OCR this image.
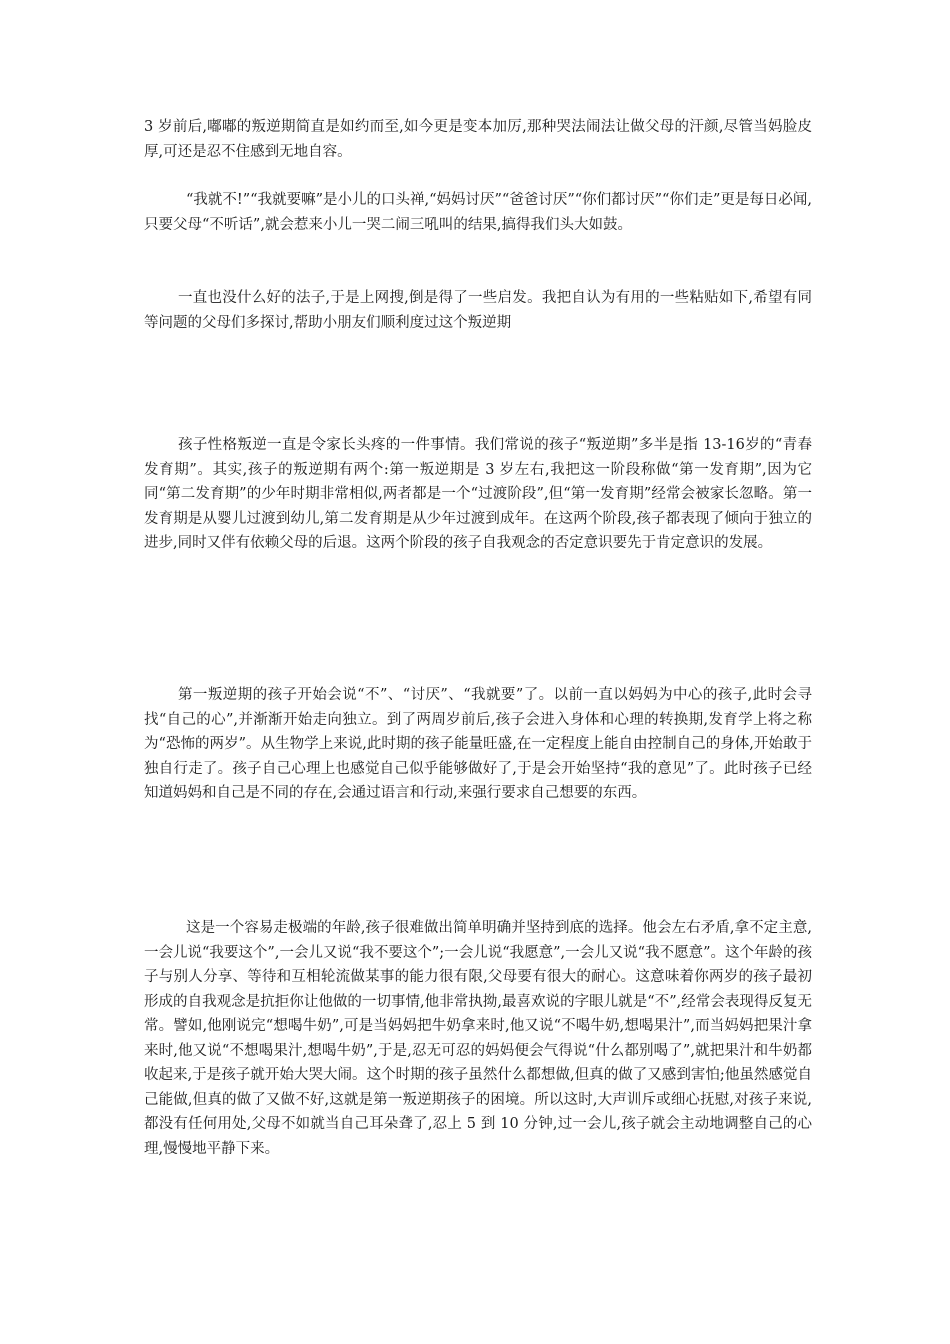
3 岁前后,嘟嘟的叛逆期简直是如约而至,如今更是变本加厉,那种哭法闹法让做父母的汗颜,尽管当妈脸皮厚,可还是忍不住感到无地自容。

“我就不!”“我就要嘛”是小儿的口头禅,“妈妈讨厌”“爸爸讨厌”“你们都讨厌”“你们走”更是每日必闻,只要父母“不听话”,就会惹来小儿一哭二闹三吼叫的结果,搞得我们头大如鼓。

一直也没什么好的法子,于是上网搜,倒是得了一些启发。我把自认为有用的一些粘贴如下,希望有同等问题的父母们多探讨,帮助小朋友们顺利度过这个叛逆期

孩子性格叛逆一直是令家长头疼的一件事情。我们常说的孩子“叛逆期”多半是指 13-16岁的“青春发育期”。其实,孩子的叛逆期有两个:第一叛逆期是 3 岁左右,我把这一阶段称做“第一发育期”,因为它同“第二发育期”的少年时期非常相似,两者都是一个“过渡阶段”,但“第一发育期”经常会被家长忽略。第一发育期是从婴儿过渡到幼儿,第二发育期是从少年过渡到成年。在这两个阶段,孩子都表现了倾向于独立的进步,同时又伴有依赖父母的后退。这两个阶段的孩子自我观念的否定意识要先于肯定意识的发展。

第一叛逆期的孩子开始会说“不”、“讨厌”、“我就要”了。以前一直以妈妈为中心的孩子,此时会寻找“自己的心”,并渐渐开始走向独立。到了两周岁前后,孩子会进入身体和心理的转换期,发育学上将之称为“恐怖的两岁”。从生物学上来说,此时期的孩子能量旺盛,在一定程度上能自由控制自己的身体,开始敢于独自行走了。孩子自己心理上也感觉自己似乎能够做好了,于是会开始坚持“我的意见”了。此时孩子已经知道妈妈和自己是不同的存在,会通过语言和行动,来强行要求自己想要的东西。

这是一个容易走极端的年龄,孩子很难做出简单明确并坚持到底的选择。他会左右矛盾,拿不定主意,一会儿说“我要这个”,一会儿又说“我不要这个”;一会儿说“我愿意”,一会儿又说“我不愿意”。这个年龄的孩子与别人分享、等待和互相轮流做某事的能力很有限,父母要有很大的耐心。这意味着你两岁的孩子最初形成的自我观念是抗拒你让他做的一切事情,他非常执拗,最喜欢说的字眼儿就是“不”,经常会表现得反复无常。譬如,他刚说完“想喝牛奶”,可是当妈妈把牛奶拿来时,他又说“不喝牛奶,想喝果汁”,而当妈妈把果汁拿来时,他又说“不想喝果汁,想喝牛奶”,于是,忍无可忍的妈妈便会气得说“什么都别喝了”,就把果汁和牛奶都收起来,于是孩子就开始大哭大闹。这个时期的孩子虽然什么都想做,但真的做了又感到害怕;他虽然感觉自己能做,但真的做了又做不好,这就是第一叛逆期孩子的困境。所以这时,大声训斥或细心抚慰,对孩子来说,都没有任何用处,父母不如就当自己耳朵聋了,忍上 5 到 10 分钟,过一会儿,孩子就会主动地调整自己的心理,慢慢地平静下来。
